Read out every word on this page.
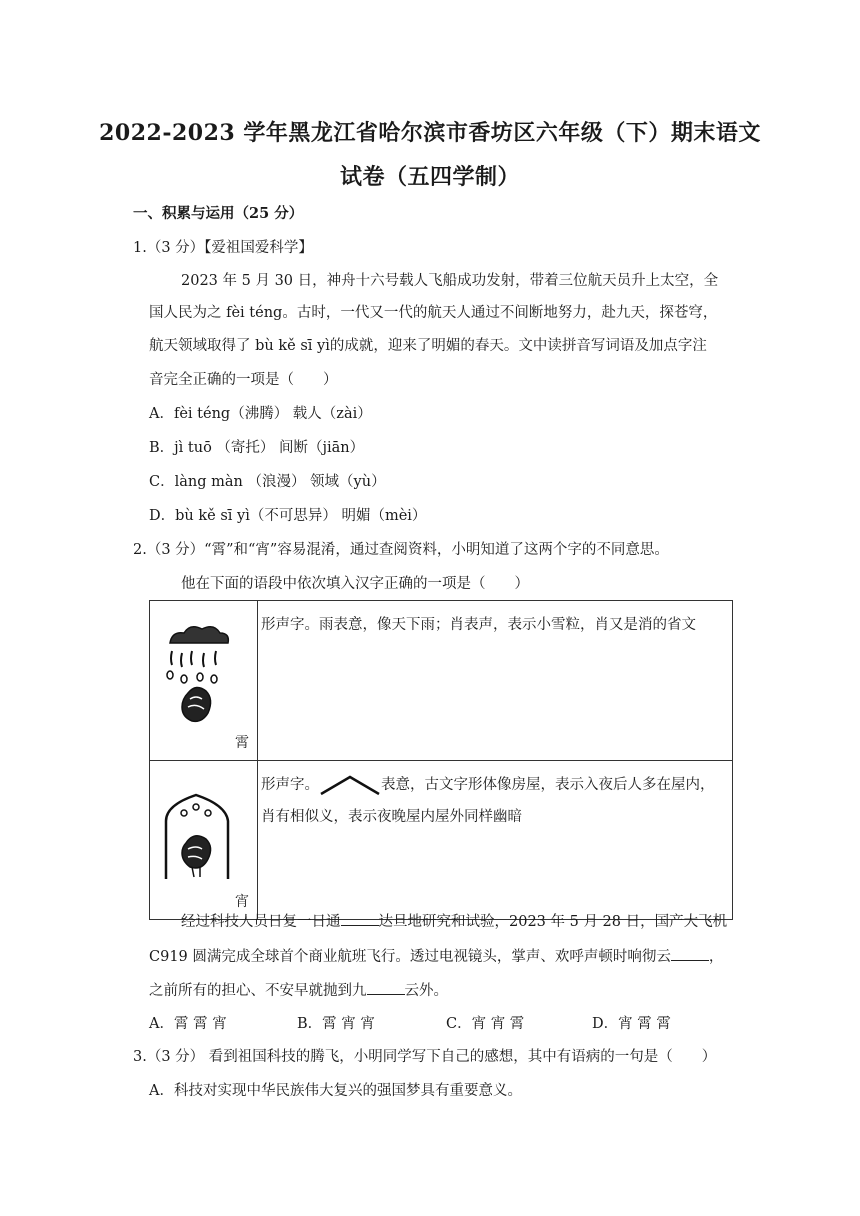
2022-2023 学年黑龙江省哈尔滨市香坊区六年级（下）期末语文
试卷（五四学制）
一、积累与运用（25 分）
1.（3 分）【爱祖国爱科学】
2023 年 5 月 30 日，神舟十六号载人飞船成功发射，带着三位航天员升上太空，全
国人民为之 fèi téng。古时，一代又一代的航天人通过不间断地努力，赴九天，探苍穹，
航天领域取得了 bù kě sī yì的成就，迎来了明媚的春天。文中读拼音写词语及加点字注
音完全正确的一项是（　　）
A．fèi téng（沸腾） 载人（zài）
B．jì tuō （寄托） 间断（jiān）
C．làng màn （浪漫） 领域（yù）
D．bù kě sī yì（不可思异） 明媚（mèi）
2.（3 分）“霄”和“宵”容易混淆，通过查阅资料，小明知道了这两个字的不同意思。
他在下面的语段中依次填入汉字正确的一项是（　　）
霄	形声字。雨表意，像天下雨；肖表声，表示小雪粒，肖又是消的省文

宵	形声字。 表意，古文字形体像房屋，表示入夜后人多在屋内，
肖有相似义，表示夜晚屋内屋外同样幽暗
经过科技人员日复一日通	达旦地研究和试验，2023 年 5 月 28 日，国产大飞机
C919 圆满完成全球首个商业航班飞行。透过电视镜头，掌声、欢呼声顿时响彻云	，
之前所有的担心、不安早就抛到九	云外。
A．霄 霄 宵	B．霄 宵 宵	C．宵 宵 霄	D．宵 霄 霄
3.（3 分） 看到祖国科技的腾飞，小明同学写下自己的感想，其中有语病的一句是（　　）
A．科技对实现中华民族伟大复兴的强国梦具有重要意义。
